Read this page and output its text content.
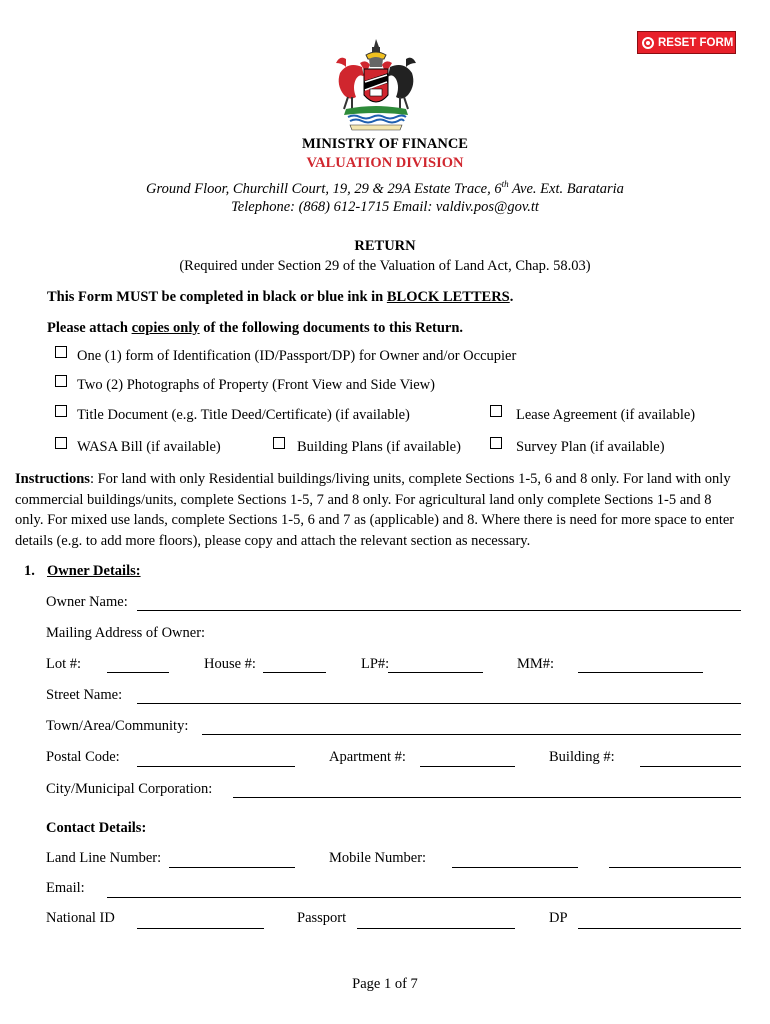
RESET FORM
MINISTRY OF FINANCE
VALUATION DIVISION
Ground Floor, Churchill Court, 19, 29 & 29A Estate Trace, 6th Ave. Ext. Barataria
Telephone: (868) 612-1715 Email: valdiv.pos@gov.tt
RETURN
(Required under Section 29 of the Valuation of Land Act, Chap. 58.03)
This Form MUST be completed in black or blue ink in BLOCK LETTERS.
Please attach copies only of the following documents to this Return.
One (1) form of Identification (ID/Passport/DP) for Owner and/or Occupier
Two (2) Photographs of Property (Front View and Side View)
Title Document (e.g. Title Deed/Certificate) (if available)	Lease Agreement (if available)
WASA Bill (if available)	Building Plans (if available)	Survey Plan (if available)
Instructions: For land with only Residential buildings/living units, complete Sections 1-5, 6 and 8 only. For land with only commercial buildings/units, complete Sections 1-5, 7 and 8 only. For agricultural land only complete Sections 1-5 and 8 only. For mixed use lands, complete Sections 1-5, 6 and 7 as (applicable) and 8. Where there is need for more space to enter details (e.g. to add more floors), please copy and attach the relevant section as necessary.
1. Owner Details:
Owner Name:
Mailing Address of Owner:
Lot #:	House #:	LP#:	MM#:
Street Name:
Town/Area/Community:
Postal Code:	Apartment #:	Building #:
City/Municipal Corporation:
Contact Details:
Land Line Number:	Mobile Number:
Email:
National ID	Passport	DP
Page 1 of 7
